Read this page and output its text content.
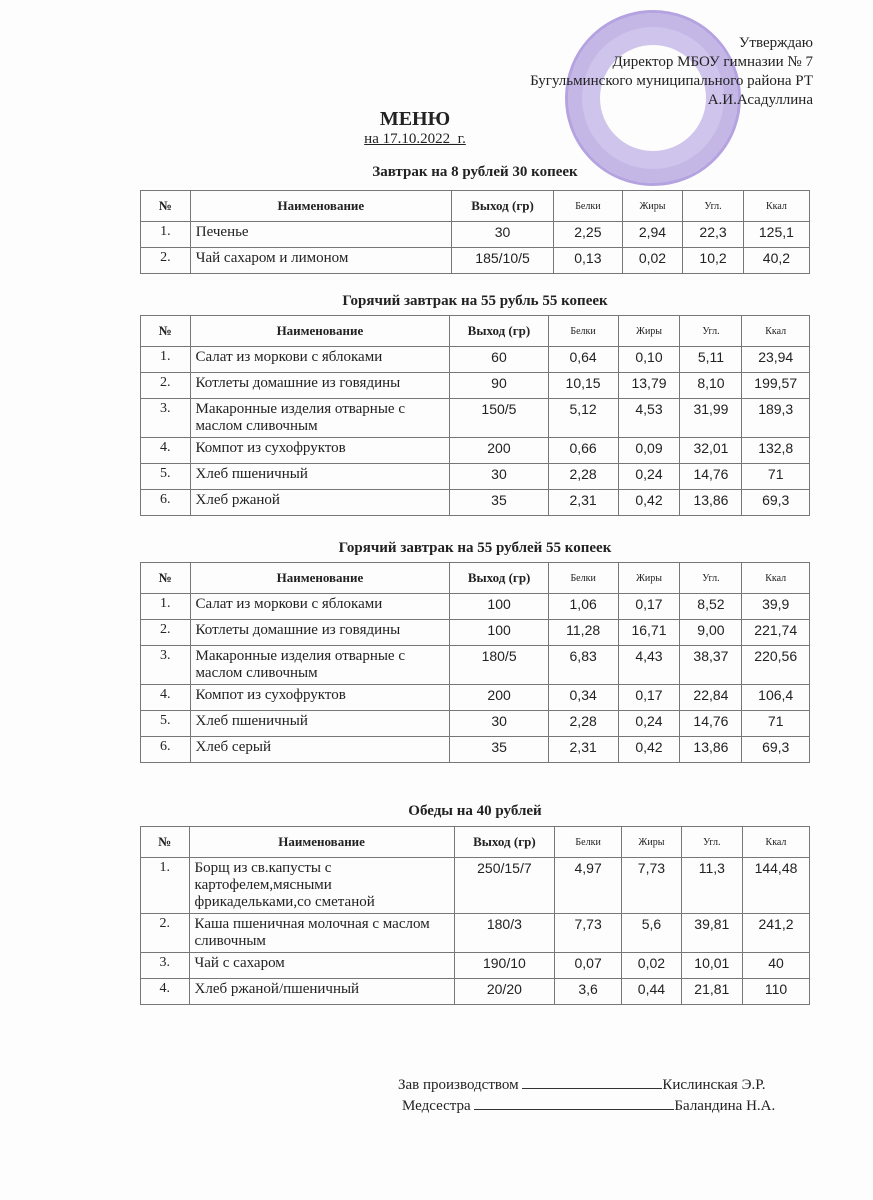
Утверждаю
Директор МБОУ гимназии № 7
Бугульминского муниципального района РТ
А.И.Асадуллина
МЕНЮ
на 17.10.2022_г.
Завтрак на 8 рублей 30 копеек
№	Наименование	Выход (гр)	Белки	Жиры	Угл.	Ккал
1.	Печенье	30	2,25	2,94	22,3	125,1
2.	Чай сахаром и лимоном	185/10/5	0,13	0,02	10,2	40,2
Горячий завтрак на 55 рубль 55 копеек
№	Наименование	Выход (гр)	Белки	Жиры	Угл.	Ккал
1.	Салат из моркови с яблоками	60	0,64	0,10	5,11	23,94
2.	Котлеты домашние из говядины	90	10,15	13,79	8,10	199,57
3.	Макаронные изделия отварные с маслом сливочным	150/5	5,12	4,53	31,99	189,3
4.	Компот из сухофруктов	200	0,66	0,09	32,01	132,8
5.	Хлеб пшеничный	30	2,28	0,24	14,76	71
6.	Хлеб ржаной	35	2,31	0,42	13,86	69,3
Горячий завтрак на 55 рублей 55 копеек
№	Наименование	Выход (гр)	Белки	Жиры	Угл.	Ккал
1.	Салат из моркови с яблоками	100	1,06	0,17	8,52	39,9
2.	Котлеты домашние из говядины	100	11,28	16,71	9,00	221,74
3.	Макаронные изделия отварные с маслом сливочным	180/5	6,83	4,43	38,37	220,56
4.	Компот из сухофруктов	200	0,34	0,17	22,84	106,4
5.	Хлеб пшеничный	30	2,28	0,24	14,76	71
6.	Хлеб серый	35	2,31	0,42	13,86	69,3
Обеды на 40 рублей
№	Наименование	Выход (гр)	Белки	Жиры	Угл.	Ккал
1.	Борщ из св.капусты с картофелем,мясными фрикадельками,со сметаной	250/15/7	4,97	7,73	11,3	144,48
2.	Каша пшеничная молочная с маслом сливочным	180/3	7,73	5,6	39,81	241,2
3.	Чай с сахаром	190/10	0,07	0,02	10,01	40
4.	Хлеб ржаной/пшеничный	20/20	3,6	0,44	21,81	110
Зав производством	Кислинская Э.Р.
Медсестра	Баландина Н.А.
